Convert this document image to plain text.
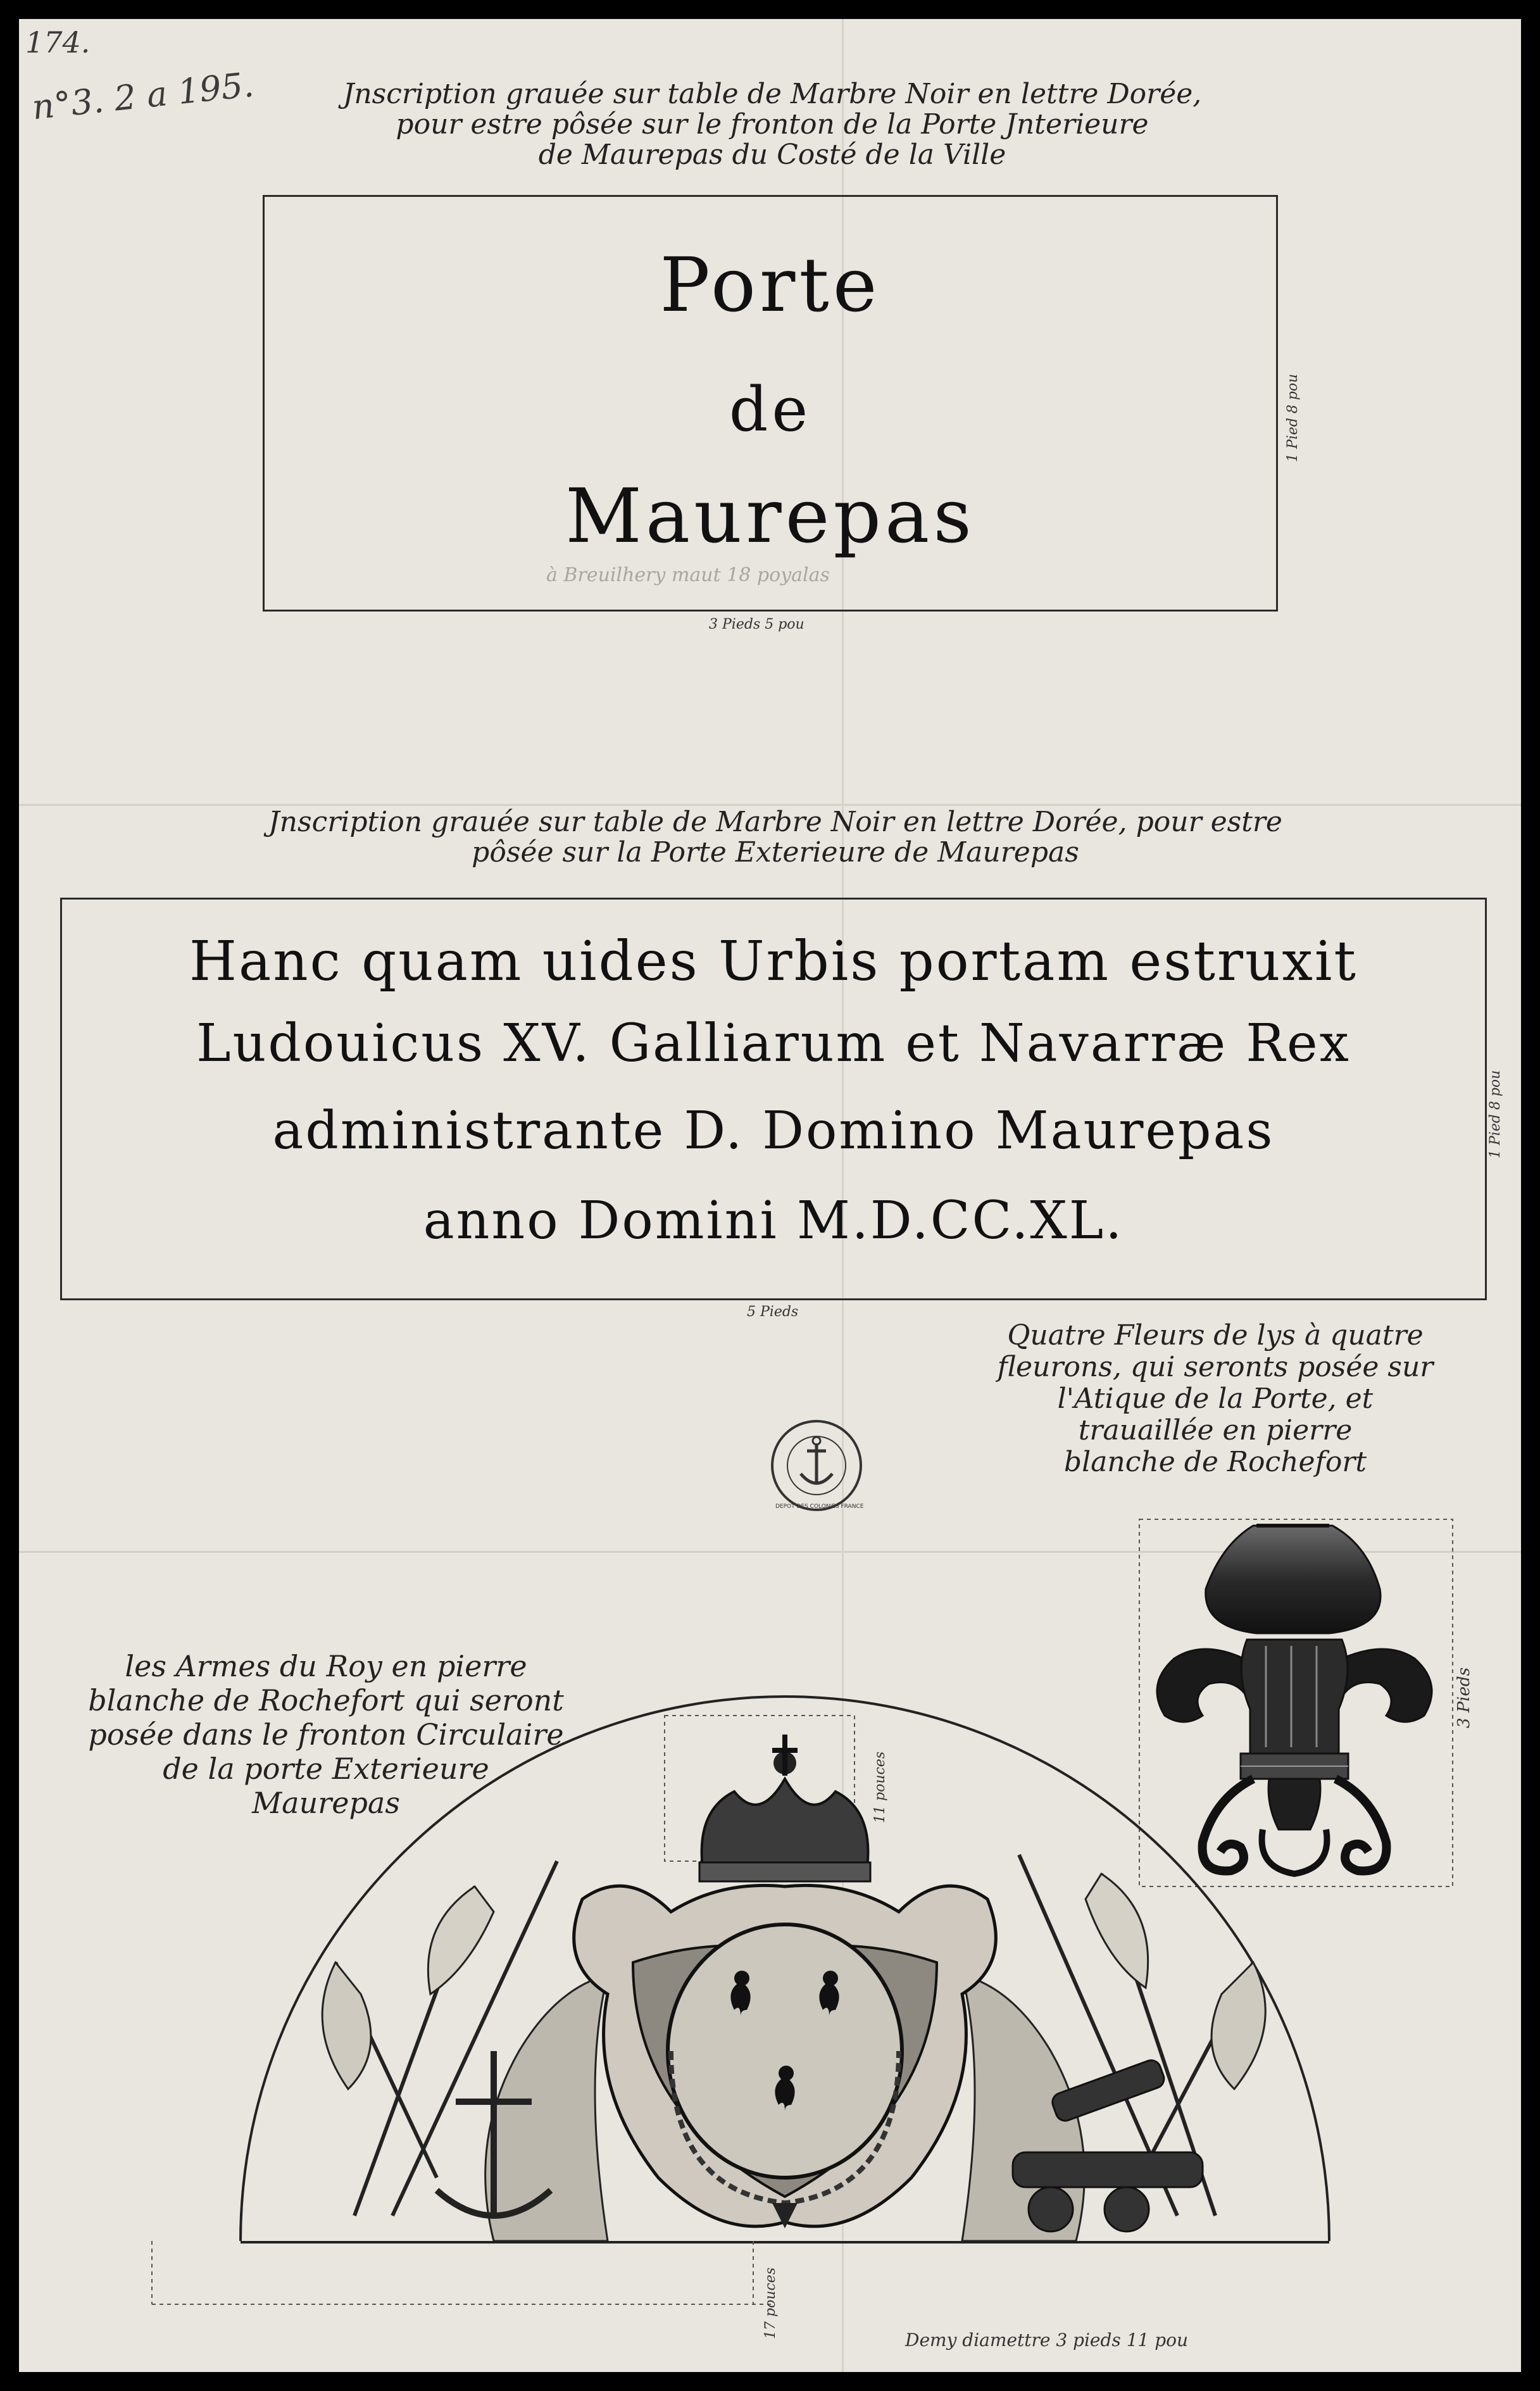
174.
n°3. 2 a 195.	Jnscription grauée sur table de Marbre Noir en lettre Dorée,
pour estre pôsée sur le fronton de la Porte Jnterieure
de Maurepas du Costé de la Ville
Porte
de
Maurepas
à Breuilhery maut 18 poyalas
3 Pieds 5 pou
1 Pied 8 pou
Jnscription grauée sur table de Marbre Noir en lettre Dorée, pour estre
pôsée sur la Porte Exterieure de Maurepas
Hanc quam uides Urbis portam estruxit
Ludouicus XV. Galliarum et Navarræ Rex
administrante D. Domino Maurepas
anno Domini M.D.CC.XL.
5 Pieds
1 Pied 8 pou
Quatre Fleurs de lys à quatre
fleurons, qui seronts posée sur
l'Atique de la Porte, et
trauaillée en pierre
blanche de Rochefort
DEPOT DES COLONIES FRANCE
3 Pieds
les Armes du Roy en pierre
blanche de Rochefort qui seront
posée dans le fronton Circulaire
de la porte Exterieure
Maurepas	11 pouces
17 pouces
Demy diamettre 3 pieds 11 pou
